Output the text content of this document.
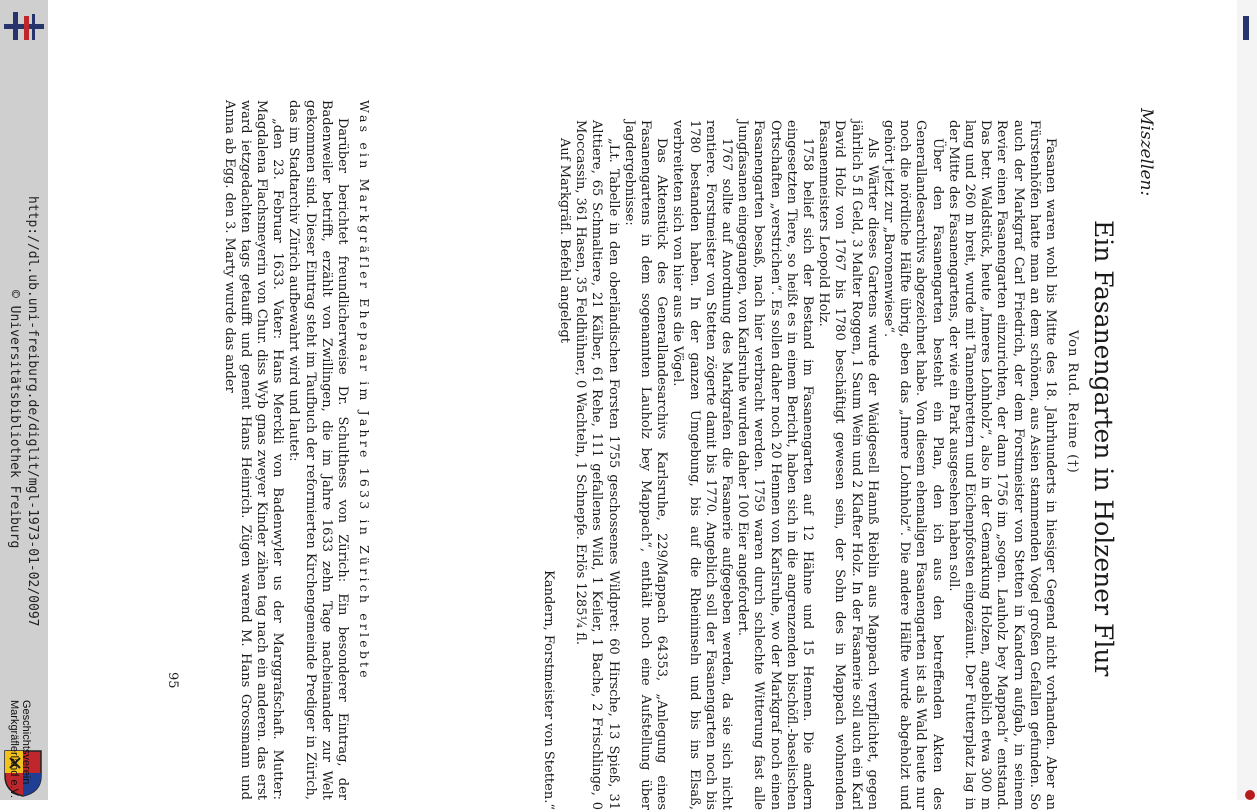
Miszellen:
Ein Fasanengarten in Holzener Flur
Von Rud. Reime (†)

Fasanen waren wohl bis Mitte des 18. Jahrhunderts in hiesiger Gegend nicht vorhanden. Aber an Fürstenhöfen hatte man an dem schönen, aus Asien stammenden Vogel großen Gefallen gefunden. So auch der Markgraf Carl Friedrich, der dem Forstmeister von Stetten in Kandern aufgab, in seinem Revier einen Fasanengarten einzurichten, der dann 1756 im „sogen. Lauholz bey Mappach“ entstand. Das betr. Waldstück, heute „Inneres Lohnholz“, also in der Gemarkung Holzen, angeblich etwa 300 m lang und 260 m breit, wurde mit Tannenbrettern und Eichenpfosten eingezäunt. Der Futterplatz lag in der Mitte des Fasanengartens, der wie ein Park ausgesehen haben soll.

Über den Fasanengarten besteht ein Plan, den ich aus den betreffenden Akten des Generallandesarchivs abgezeichnet habe. Von diesem ehemaligen Fasanengarten ist als Wald heute nur noch die nördliche Hälfte übrig, eben das „Innere Lohnholz“. Die andere Hälfte wurde abgeholzt und gehört jetzt zur „Baronenwiese“.

Als Wärter dieses Gartens wurde der Waidgesell Hannß Rieblin aus Mappach verpflichtet, gegen jährlich 5 fl Geld, 3 Malter Roggen, 1 Saum Wein und 2 Klafter Holz. In der Fasanerie soll auch ein Karl David Holz von 1767 bis 1780 beschäftigt gewesen sein, der Sohn des in Mappach wohnenden Fasanenmeisters Leopold Holz.

1758 belief sich der Bestand im Fasanengarten auf 12 Hähne und 15 Hennen. Die andern eingesetzten Tiere, so heißt es in einem Bericht, haben sich in die angrenzenden bischöfl.-baselischen Ortschaften „verstrichen“. Es sollen daher noch 20 Hennen von Karlsruhe, wo der Markgraf noch einen Fasanengarten besaß, nach hier verbracht werden. 1759 waren durch schlechte Witterung fast alle Jungfasanen eingegangen, von Karlsruhe wurden daher 100 Eier angefordert.

1767 sollte auf Anordnung des Markgrafen die Fasanerie aufgegeben werden, da sie sich nicht rentiere. Forstmeister von Stetten zögerte damit bis 1770. Angeblich soll der Fasanengarten noch bis 1780 bestanden haben. In der ganzen Umgebung, bis auf die Rheininseln und bis ins Elsaß, verbreiteten sich von hier aus die Vögel.

Das Aktenstück des Generallandesarchivs Karlsruhe, 229/Mappach 64353, „Anlegung eines Fasanengartens in dem sogenannten Lauholz bey Mappach“, enthält noch eine Aufstellung über Jagdergebnisse:

„Lt. Tabelle in den oberländischen Forsten 1755 geschossenes Wildpret: 60 Hirsche, 13 Spieß, 31 Alttiere, 65 Schmaltiere, 21 Kälber, 61 Rehe, 111 gefallenes Wild, 1 Keiler, 1 Bache, 2 Frischlinge, 0 Moccassin, 361 Hasen, 35 Feldhühner, 0 Wachteln, 1 Schnepfe. Erlös 1285¼ fl.

Auf Markgräfl. Befehl angelegt

Kandern, Forstmeister von Stetten.“

Was ein Markgräfler Ehepaar im Jahre 1633 in Zürich erlebte

Darüber berichtet freundlicherweise Dr. Schulthess von Zürich: Ein besonderer Eintrag, der Badenweiler betrifft, erzählt von Zwillingen, die im Jahre 1633 zehn Tage nacheinander zur Welt gekommen sind. Dieser Eintrag steht im Taufbuch der reformierten Kirchengemeinde Prediger in Zürich, das im Stadtarchiv Zürich aufbewahrt wird und lautet:

„den 23. Februar 1633. Vater: Hans Merckli von Badenwyler us der Marggrafschaft. Mutter: Magdalena Flachsmeyerin von Chur. diss Wyb gnas zweyer Kinder zähen tag nach ein anderen. das erst ward ietzgedachten tags getaufft und genent Hans Heinrich. Zügen warend M. Hans Grossmann und Anna ab Egg. den 3. Marty wurde das ander

95
http://dl.ub.uni-freiburg.de/diglit/mgl-1973-01-02/0097
© Universitätsbibliothek Freiburg
Geschichtsverein
Markgräflerland e.V.
